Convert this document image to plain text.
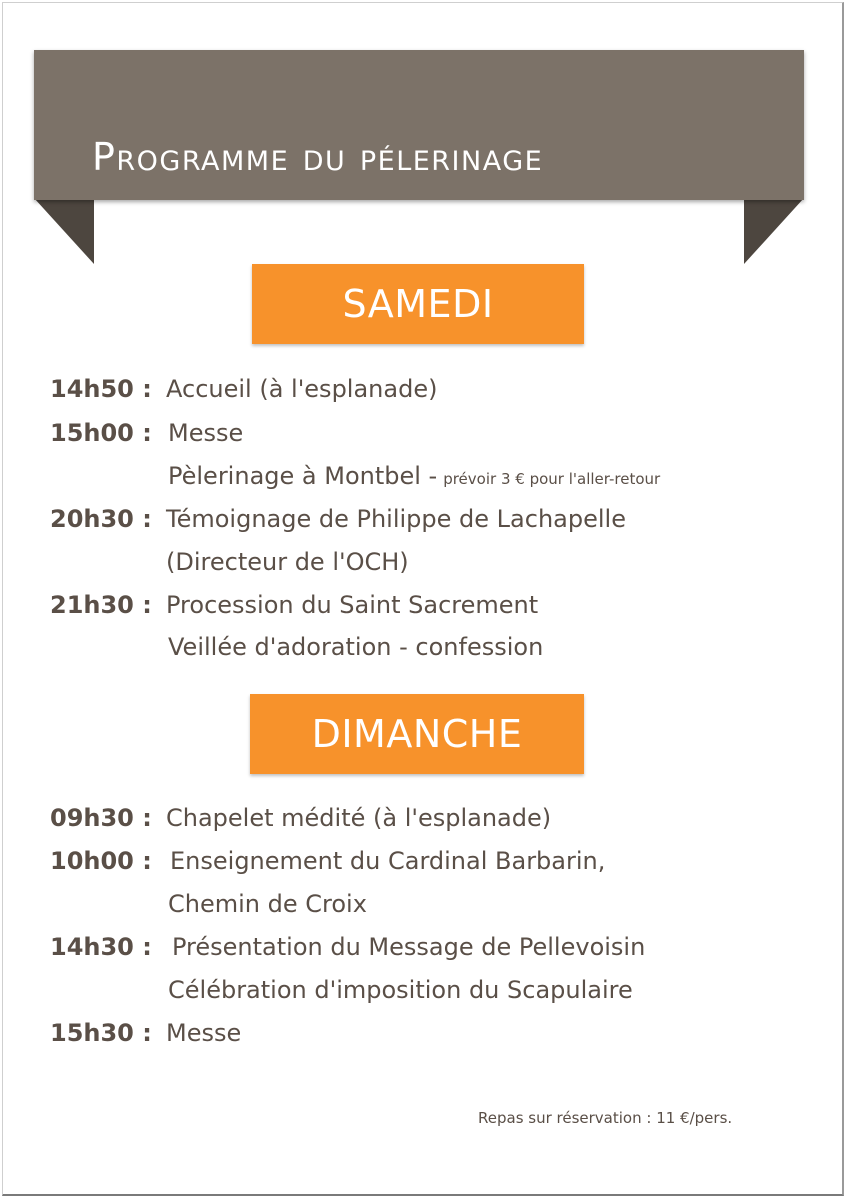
Programme du pélerinage
SAMEDI
14h50 : Accueil (à l'esplanade)
15h00 : Messe
Pèlerinage à Montbel - prévoir 3 € pour l'aller-retour
20h30 : Témoignage de Philippe de Lachapelle
(Directeur de l'OCH)
21h30 : Procession du Saint Sacrement
Veillée d'adoration - confession
DIMANCHE
09h30 : Chapelet médité (à l'esplanade)
10h00 : Enseignement du Cardinal Barbarin,
Chemin de Croix
14h30 : Présentation du Message de Pellevoisin
Célébration d'imposition du Scapulaire
15h30 : Messe
Repas sur réservation : 11 €/pers.
